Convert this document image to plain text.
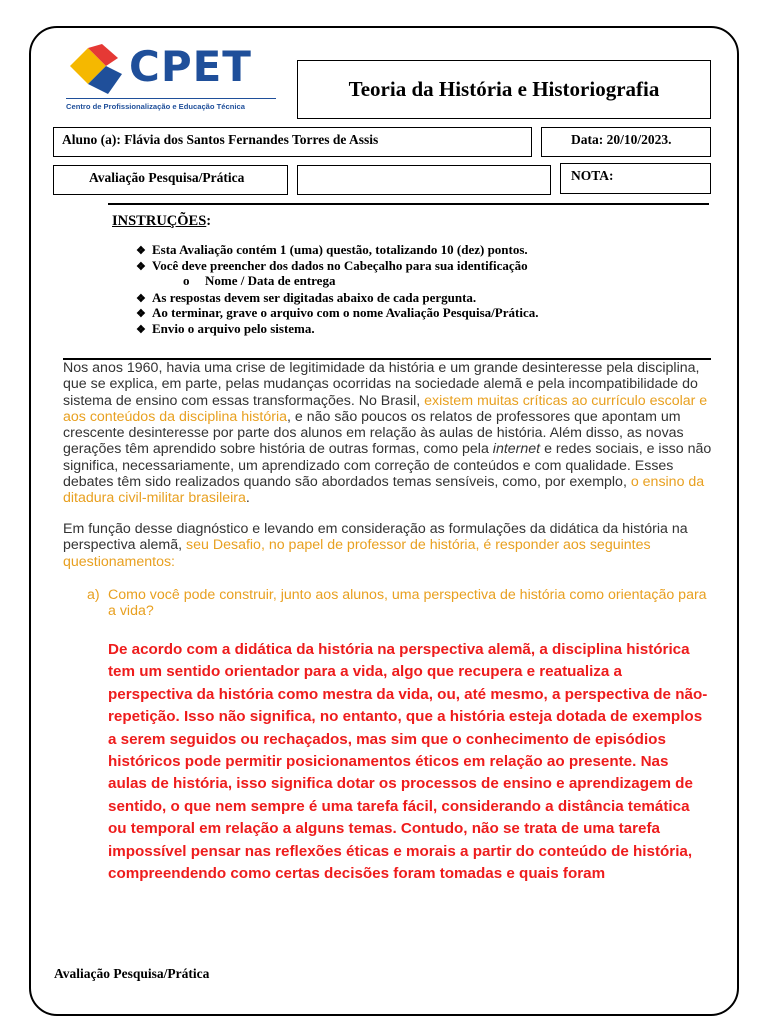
CPET
Centro de Profissionalização e Educação Técnica
Teoria da História e Historiografia
Aluno (a): Flávia dos Santos Fernandes Torres de Assis	Data: 20/10/2023.
Avaliação Pesquisa/Prática	NOTA:
INSTRUÇÕES:
❖ Esta Avaliação contém 1 (uma) questão, totalizando 10 (dez) pontos.
❖ Você deve preencher dos dados no Cabeçalho para sua identificação
o Nome / Data de entrega
❖ As respostas devem ser digitadas abaixo de cada pergunta.
❖ Ao terminar, grave o arquivo com o nome Avaliação Pesquisa/Prática.
❖ Envio o arquivo pelo sistema.

Nos anos 1960, havia uma crise de legitimidade da história e um grande desinteresse pela disciplina, que se explica, em parte, pelas mudanças ocorridas na sociedade alemã e pela incompatibilidade do sistema de ensino com essas transformações. No Brasil, existem muitas críticas ao currículo escolar e aos conteúdos da disciplina história, e não são poucos os relatos de professores que apontam um crescente desinteresse por parte dos alunos em relação às aulas de história. Além disso, as novas gerações têm aprendido sobre história de outras formas, como pela internet e redes sociais, e isso não significa, necessariamente, um aprendizado com correção de conteúdos e com qualidade. Esses debates têm sido realizados quando são abordados temas sensíveis, como, por exemplo, o ensino da ditadura civil-militar brasileira.

Em função desse diagnóstico e levando em consideração as formulações da didática da história na perspectiva alemã, seu Desafio, no papel de professor de história, é responder aos seguintes questionamentos:

a) Como você pode construir, junto aos alunos, uma perspectiva de história como orientação para a vida?

De acordo com a didática da história na perspectiva alemã, a disciplina histórica tem um sentido orientador para a vida, algo que recupera e reatualiza a perspectiva da história como mestra da vida, ou, até mesmo, a perspectiva de não-repetição. Isso não significa, no entanto, que a história esteja dotada de exemplos a serem seguidos ou rechaçados, mas sim que o conhecimento de episódios históricos pode permitir posicionamentos éticos em relação ao presente. Nas aulas de história, isso significa dotar os processos de ensino e aprendizagem de sentido, o que nem sempre é uma tarefa fácil, considerando a distância temática ou temporal em relação a alguns temas. Contudo, não se trata de uma tarefa impossível pensar nas reflexões éticas e morais a partir do conteúdo de história, compreendendo como certas decisões foram tomadas e quais foram

Avaliação Pesquisa/Prática
